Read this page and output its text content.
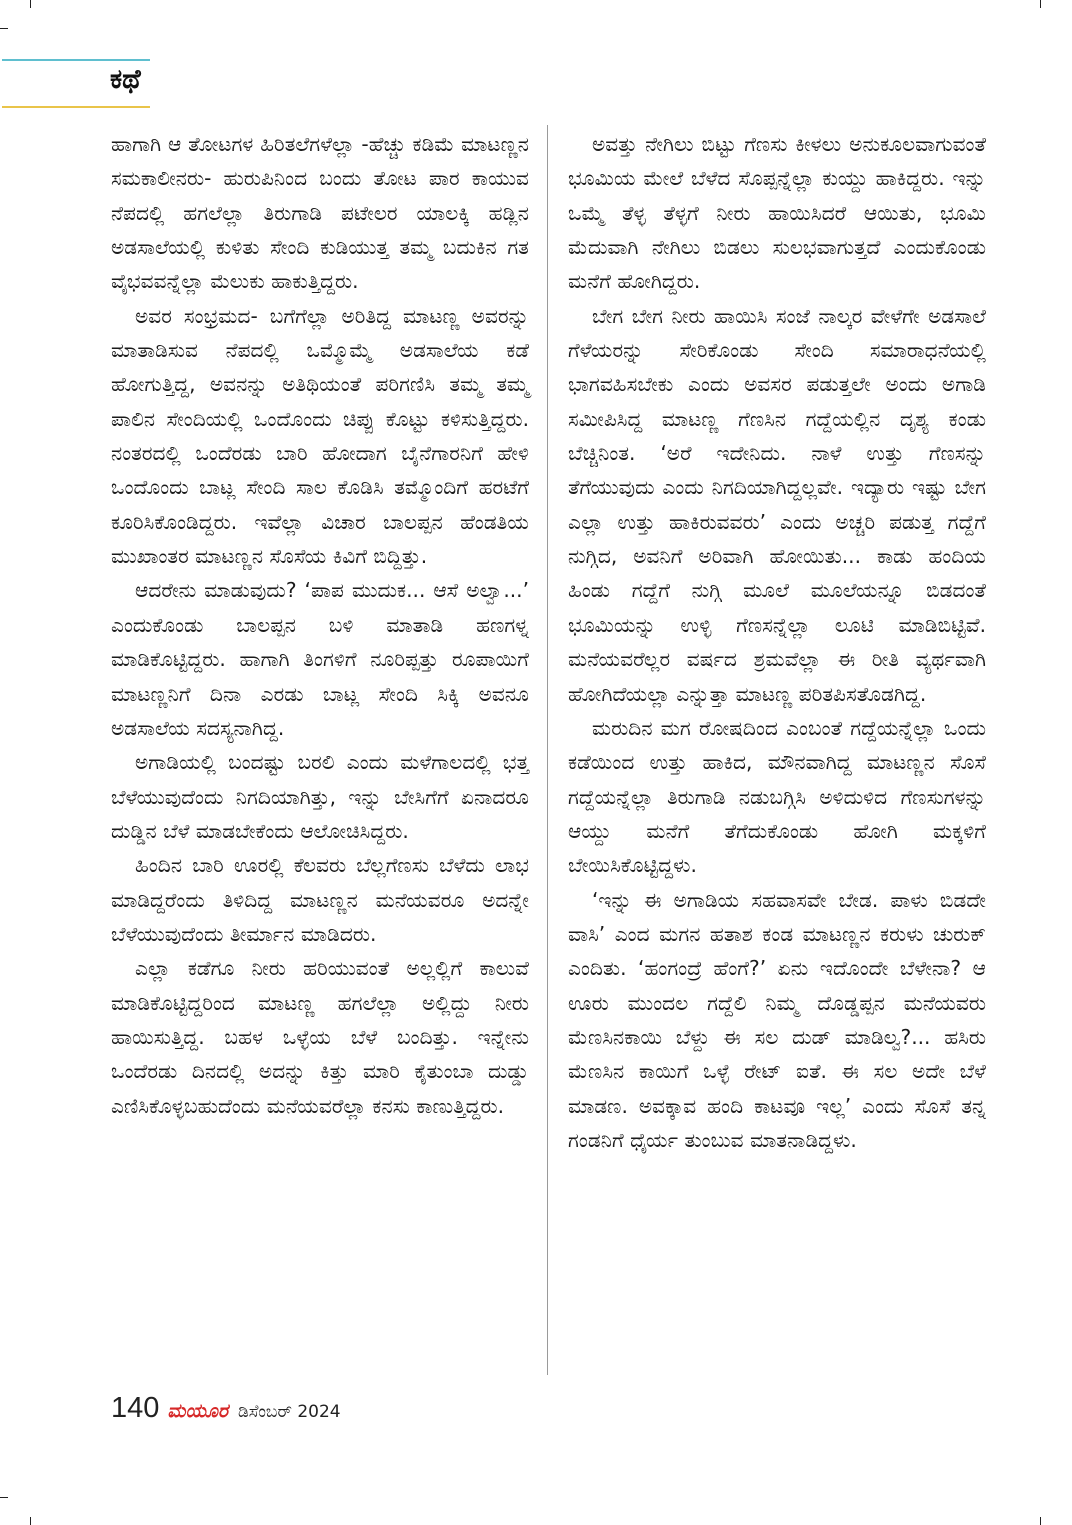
ಕಥೆ

ಹಾಗಾಗಿ ಆ ತೋಟಗಳ ಹಿರಿತಲೆಗಳೆಲ್ಲಾ -ಹೆಚ್ಚು ಕಡಿಮೆ ಮಾಟಣ್ಣನ ಸಮಕಾಲೀನರು- ಹುರುಪಿನಿಂದ ಬಂದು ತೋಟ ಪಾರ ಕಾಯುವ ನೆಪದಲ್ಲಿ ಹಗಲೆಲ್ಲಾ ತಿರುಗಾಡಿ ಪಟೇಲರ ಯಾಲಕ್ಕಿ ಹಡ್ಲಿನ ಅಡಸಾಲೆಯಲ್ಲಿ ಕುಳಿತು ಸೇಂದಿ ಕುಡಿಯುತ್ತ ತಮ್ಮ ಬದುಕಿನ ಗತ ವೈಭವವನ್ನೆಲ್ಲಾ ಮೆಲುಕು ಹಾಕುತ್ತಿದ್ದರು.

ಅವರ ಸಂಭ್ರಮದ- ಬಗೆಗೆಲ್ಲಾ ಅರಿತಿದ್ದ ಮಾಟಣ್ಣ ಅವರನ್ನು ಮಾತಾಡಿಸುವ ನೆಪದಲ್ಲಿ ಒಮ್ಮೊಮ್ಮೆ ಅಡಸಾಲೆಯ ಕಡೆ ಹೋಗುತ್ತಿದ್ದ, ಅವನನ್ನು ಅತಿಥಿಯಂತೆ ಪರಿಗಣಿಸಿ ತಮ್ಮ ತಮ್ಮ ಪಾಲಿನ ಸೇಂದಿಯಲ್ಲಿ ಒಂದೊಂದು ಚಿಪ್ಪು ಕೊಟ್ಟು ಕಳಿಸುತ್ತಿದ್ದರು. ನಂತರದಲ್ಲಿ ಒಂದೆರಡು ಬಾರಿ ಹೋದಾಗ ಬೈನೆಗಾರನಿಗೆ ಹೇಳಿ ಒಂದೊಂದು ಬಾಟ್ಲ ಸೇಂದಿ ಸಾಲ ಕೊಡಿಸಿ ತಮ್ಮೊಂದಿಗೆ ಹರಟೆಗೆ ಕೂರಿಸಿಕೊಂಡಿದ್ದರು. ಇವೆಲ್ಲಾ ವಿಚಾರ ಬಾಲಪ್ಪನ ಹೆಂಡತಿಯ ಮುಖಾಂತರ ಮಾಟಣ್ಣನ ಸೊಸೆಯ ಕಿವಿಗೆ ಬಿದ್ದಿತ್ತು.

ಆದರೇನು ಮಾಡುವುದು? ‘ಪಾಪ ಮುದುಕ... ಆಸೆ ಅಲ್ವಾ...’ ಎಂದುಕೊಂಡು ಬಾಲಪ್ಪನ ಬಳಿ ಮಾತಾಡಿ ಹಣಗಳ್ನ ಮಾಡಿಕೊಟ್ಟಿದ್ದರು. ಹಾಗಾಗಿ ತಿಂಗಳಿಗೆ ನೂರಿಪ್ಪತ್ತು ರೂಪಾಯಿಗೆ ಮಾಟಣ್ಣನಿಗೆ ದಿನಾ ಎರಡು ಬಾಟ್ಲ ಸೇಂದಿ ಸಿಕ್ಕಿ ಅವನೂ ಅಡಸಾಲೆಯ ಸದಸ್ಯನಾಗಿದ್ದ.

ಅಗಾಡಿಯಲ್ಲಿ ಬಂದಷ್ಟು ಬರಲಿ ಎಂದು ಮಳೆಗಾಲದಲ್ಲಿ ಭತ್ತ ಬೆಳೆಯುವುದೆಂದು ನಿಗದಿಯಾಗಿತ್ತು, ಇನ್ನು ಬೇಸಿಗೆಗೆ ಏನಾದರೂ ದುಡ್ಡಿನ ಬೆಳೆ ಮಾಡಬೇಕೆಂದು ಆಲೋಚಿಸಿದ್ದರು.

ಹಿಂದಿನ ಬಾರಿ ಊರಲ್ಲಿ ಕೆಲವರು ಬೆಲ್ಲಗೆಣಸು ಬೆಳೆದು ಲಾಭ ಮಾಡಿದ್ದರೆಂದು ತಿಳಿದಿದ್ದ ಮಾಟಣ್ಣನ ಮನೆಯವರೂ ಅದನ್ನೇ ಬೆಳೆಯುವುದೆಂದು ತೀರ್ಮಾನ ಮಾಡಿದರು.

ಎಲ್ಲಾ ಕಡೆಗೂ ನೀರು ಹರಿಯುವಂತೆ ಅಲ್ಲಲ್ಲಿಗೆ ಕಾಲುವೆ ಮಾಡಿಕೊಟ್ಟಿದ್ದರಿಂದ ಮಾಟಣ್ಣ ಹಗಲೆಲ್ಲಾ ಅಲ್ಲಿದ್ದು ನೀರು ಹಾಯಿಸುತ್ತಿದ್ದ. ಬಹಳ ಒಳ್ಳೆಯ ಬೆಳೆ ಬಂದಿತ್ತು. ಇನ್ನೇನು ಒಂದೆರಡು ದಿನದಲ್ಲಿ ಅದನ್ನು ಕಿತ್ತು ಮಾರಿ ಕೈತುಂಬಾ ದುಡ್ಡು ಎಣಿಸಿಕೊಳ್ಳಬಹುದೆಂದು ಮನೆಯವರೆಲ್ಲಾ ಕನಸು ಕಾಣುತ್ತಿದ್ದರು.

ಅವತ್ತು ನೇಗಿಲು ಬಿಟ್ಟು ಗೆಣಸು ಕೀಳಲು ಅನುಕೂಲವಾಗುವಂತೆ ಭೂಮಿಯ ಮೇಲೆ ಬೆಳೆದ ಸೊಪ್ಪನ್ನೆಲ್ಲಾ ಕುಯ್ದು ಹಾಕಿದ್ದರು. ಇನ್ನು ಒಮ್ಮೆ ತೆಳ್ಳ ತೆಳ್ಳಗೆ ನೀರು ಹಾಯಿಸಿದರೆ ಆಯಿತು, ಭೂಮಿ ಮೆದುವಾಗಿ ನೇಗಿಲು ಬಿಡಲು ಸುಲಭವಾಗುತ್ತದೆ ಎಂದುಕೊಂಡು ಮನೆಗೆ ಹೋಗಿದ್ದರು.

ಬೇಗ ಬೇಗ ನೀರು ಹಾಯಿಸಿ ಸಂಜೆ ನಾಲ್ಕರ ವೇಳೆಗೇ ಅಡಸಾಲೆ ಗೆಳೆಯರನ್ನು ಸೇರಿಕೊಂಡು ಸೇಂದಿ ಸಮಾರಾಧನೆಯಲ್ಲಿ ಭಾಗವಹಿಸಬೇಕು ಎಂದು ಅವಸರ ಪಡುತ್ತಲೇ ಅಂದು ಅಗಾಡಿ ಸಮೀಪಿಸಿದ್ದ ಮಾಟಣ್ಣ ಗೆಣಸಿನ ಗದ್ದೆಯಲ್ಲಿನ ದೃಶ್ಯ ಕಂಡು ಬೆಚ್ಚಿನಿಂತ. ‘ಅರೆ ಇದೇನಿದು. ನಾಳೆ ಉತ್ತು ಗೆಣಸನ್ನು ತೆಗೆಯುವುದು ಎಂದು ನಿಗದಿಯಾಗಿದ್ದಲ್ಲವೇ. ಇದ್ಯಾರು ಇಷ್ಟು ಬೇಗ ಎಲ್ಲಾ ಉತ್ತು ಹಾಕಿರುವವರು’ ಎಂದು ಅಚ್ಚರಿ ಪಡುತ್ತ ಗದ್ದೆಗೆ ನುಗ್ಗಿದ, ಅವನಿಗೆ ಅರಿವಾಗಿ ಹೋಯಿತು... ಕಾಡು ಹಂದಿಯ ಹಿಂಡು ಗದ್ದೆಗೆ ನುಗ್ಗಿ ಮೂಲೆ ಮೂಲೆಯನ್ನೂ ಬಿಡದಂತೆ ಭೂಮಿಯನ್ನು ಉಳ್ಳಿ ಗೆಣಸನ್ನೆಲ್ಲಾ ಲೂಟಿ ಮಾಡಿಬಿಟ್ಟಿವೆ. ಮನೆಯವರೆಲ್ಲರ ವರ್ಷದ ಶ್ರಮವೆಲ್ಲಾ ಈ ರೀತಿ ವ್ಯರ್ಥವಾಗಿ ಹೋಗಿದೆಯಲ್ಲಾ ಎನ್ನುತ್ತಾ ಮಾಟಣ್ಣ ಪರಿತಪಿಸತೊಡಗಿದ್ದ.

ಮರುದಿನ ಮಗ ರೋಷದಿಂದ ಎಂಬಂತೆ ಗದ್ದೆಯನ್ನೆಲ್ಲಾ ಒಂದು ಕಡೆಯಿಂದ ಉತ್ತು ಹಾಕಿದ, ಮೌನವಾಗಿದ್ದ ಮಾಟಣ್ಣನ ಸೊಸೆ ಗದ್ದೆಯನ್ನೆಲ್ಲಾ ತಿರುಗಾಡಿ ನಡುಬಗ್ಗಿಸಿ ಅಳಿದುಳಿದ ಗೆಣಸುಗಳನ್ನು ಆಯ್ದು ಮನೆಗೆ ತೆಗೆದುಕೊಂಡು ಹೋಗಿ ಮಕ್ಕಳಿಗೆ ಬೇಯಿಸಿಕೊಟ್ಟಿದ್ದಳು.

‘ಇನ್ನು ಈ ಅಗಾಡಿಯ ಸಹವಾಸವೇ ಬೇಡ. ಪಾಳು ಬಿಡದೇ ವಾಸಿ’ ಎಂದ ಮಗನ ಹತಾಶ ಕಂಡ ಮಾಟಣ್ಣನ ಕರುಳು ಚುರುಕ್ ಎಂದಿತು. ‘ಹಂಗಂದ್ರೆ ಹೆಂಗೆ?’ ಏನು ಇದೊಂದೇ ಬೆಳೇನಾ? ಆ ಊರು ಮುಂದಲ ಗದ್ದೆಲಿ ನಿಮ್ಮ ದೊಡ್ಡಪ್ಪನ ಮನೆಯವರು ಮೆಣಸಿನಕಾಯಿ ಬೆಳ್ದು ಈ ಸಲ ದುಡ್ ಮಾಡಿಲ್ವ?... ಹಸಿರು ಮೆಣಸಿನ ಕಾಯಿಗೆ ಒಳ್ಳೆ ರೇಟ್ ಐತೆ. ಈ ಸಲ ಅದೇ ಬೆಳೆ ಮಾಡಣ. ಅವಕ್ಕಾವ ಹಂದಿ ಕಾಟವೂ ಇಲ್ಲ’ ಎಂದು ಸೊಸೆ ತನ್ನ ಗಂಡನಿಗೆ ಧೈರ್ಯ ತುಂಬುವ ಮಾತನಾಡಿದ್ದಳು.

140 ಮಯೂರ ಡಿಸೆಂಬರ್ 2024
